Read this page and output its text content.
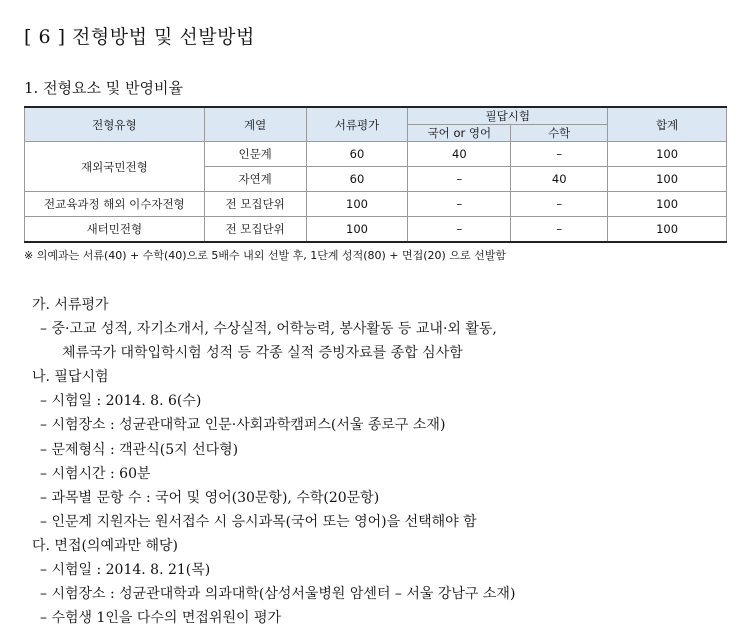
[ 6 ] 전형방법 및 선발방법
1. 전형요소 및 반영비율
전형유형	계열	서류평가	필답시험		합계
			국어 or 영어	수학	
재외국민전형	인문계	60	40	–	100
	자연계	60	–	40	100
전교육과정 해외 이수자전형	전 모집단위	100	–	–	100
새터민전형	전 모집단위	100	–	–	100
※ 의예과는 서류(40) + 수학(40)으로 5배수 내외 선발 후, 1단계 성적(80) + 면접(20) 으로 선발함
가. 서류평가
– 중·고교 성적, 자기소개서, 수상실적, 어학능력, 봉사활동 등 교내·외 활동,
체류국가 대학입학시험 성적 등 각종 실적 증빙자료를 종합 심사함
나. 필답시험
– 시험일 : 2014. 8. 6(수)
– 시험장소 : 성균관대학교 인문·사회과학캠퍼스(서울 종로구 소재)
– 문제형식 : 객관식(5지 선다형)
– 시험시간 : 60분
– 과목별 문항 수 : 국어 및 영어(30문항), 수학(20문항)
– 인문계 지원자는 원서접수 시 응시과목(국어 또는 영어)을 선택해야 함
다. 면접(의예과만 해당)
– 시험일 : 2014. 8. 21(목)
– 시험장소 : 성균관대학과 의과대학(삼성서울병원 암센터 – 서울 강남구 소재)
– 수험생 1인을 다수의 면접위원이 평가
